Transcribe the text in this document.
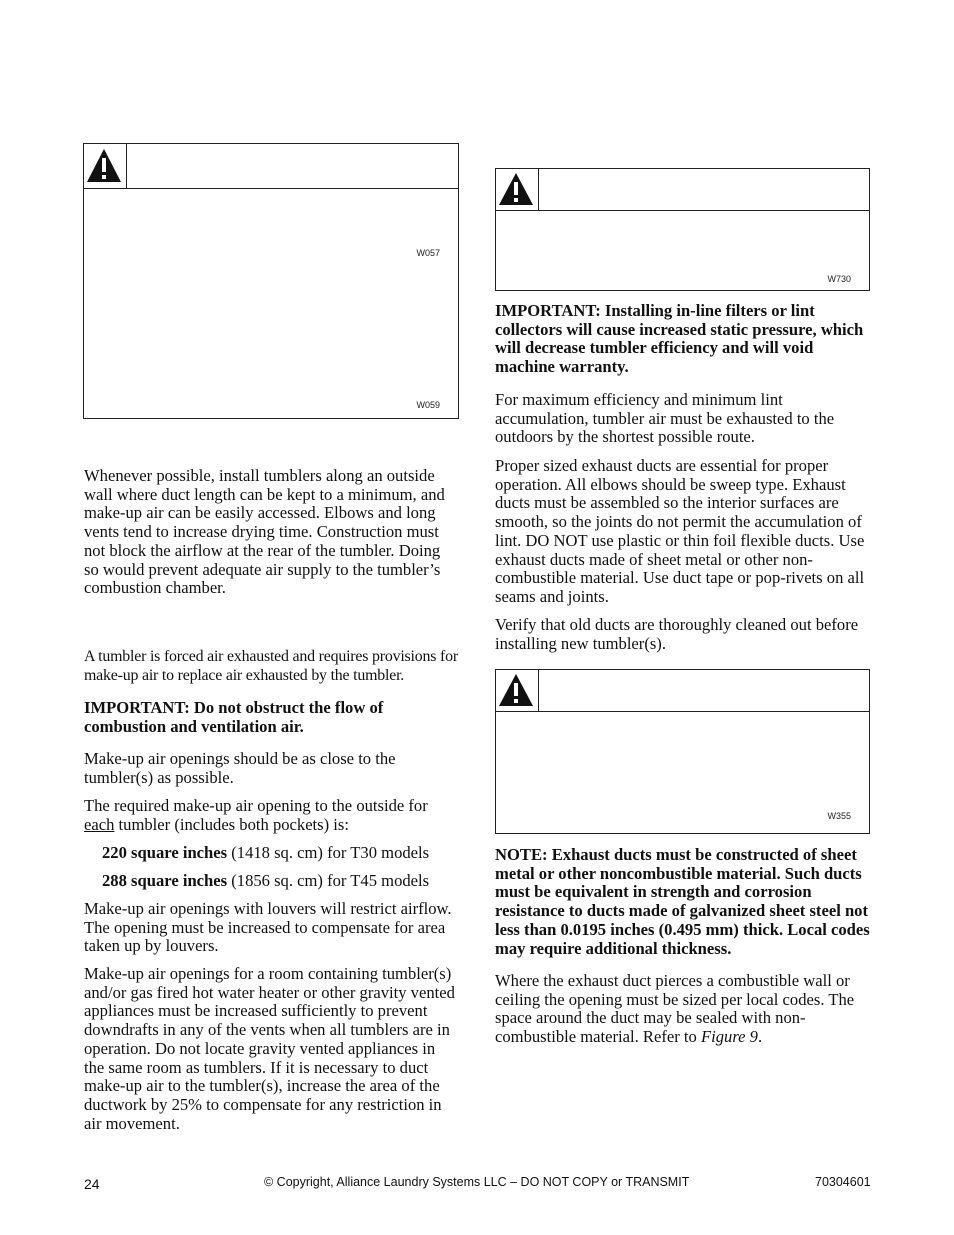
W057
W059
Whenever possible, install tumblers along an outside wall where duct length can be kept to a minimum, and make-up air can be easily accessed. Elbows and long vents tend to increase drying time. Construction must not block the airflow at the rear of the tumbler. Doing so would prevent adequate air supply to the tumbler’s combustion chamber.
A tumbler is forced air exhausted and requires provisions for make-up air to replace air exhausted by the tumbler.
IMPORTANT: Do not obstruct the flow of combustion and ventilation air.
Make-up air openings should be as close to the tumbler(s) as possible.
The required make-up air opening to the outside for each tumbler (includes both pockets) is:
220 square inches (1418 sq. cm) for T30 models
288 square inches (1856 sq. cm) for T45 models
Make-up air openings with louvers will restrict airflow. The opening must be increased to compensate for area taken up by louvers.
Make-up air openings for a room containing tumbler(s) and/or gas fired hot water heater or other gravity vented appliances must be increased sufficiently to prevent downdrafts in any of the vents when all tumblers are in operation. Do not locate gravity vented appliances in the same room as tumblers. If it is necessary to duct make-up air to the tumbler(s), increase the area of the ductwork by 25% to compensate for any restriction in air movement.
W730
IMPORTANT: Installing in-line filters or lint collectors will cause increased static pressure, which will decrease tumbler efficiency and will void machine warranty.
For maximum efficiency and minimum lint accumulation, tumbler air must be exhausted to the outdoors by the shortest possible route.
Proper sized exhaust ducts are essential for proper operation. All elbows should be sweep type. Exhaust ducts must be assembled so the interior surfaces are smooth, so the joints do not permit the accumulation of lint. DO NOT use plastic or thin foil flexible ducts. Use exhaust ducts made of sheet metal or other non-combustible material. Use duct tape or pop-rivets on all seams and joints.
Verify that old ducts are thoroughly cleaned out before installing new tumbler(s).
W355
NOTE: Exhaust ducts must be constructed of sheet metal or other noncombustible material. Such ducts must be equivalent in strength and corrosion resistance to ducts made of galvanized sheet steel not less than 0.0195 inches (0.495 mm) thick. Local codes may require additional thickness.
Where the exhaust duct pierces a combustible wall or ceiling the opening must be sized per local codes. The space around the duct may be sealed with non-combustible material. Refer to Figure 9.
24	© Copyright, Alliance Laundry Systems LLC – DO NOT COPY or TRANSMIT	70304601
